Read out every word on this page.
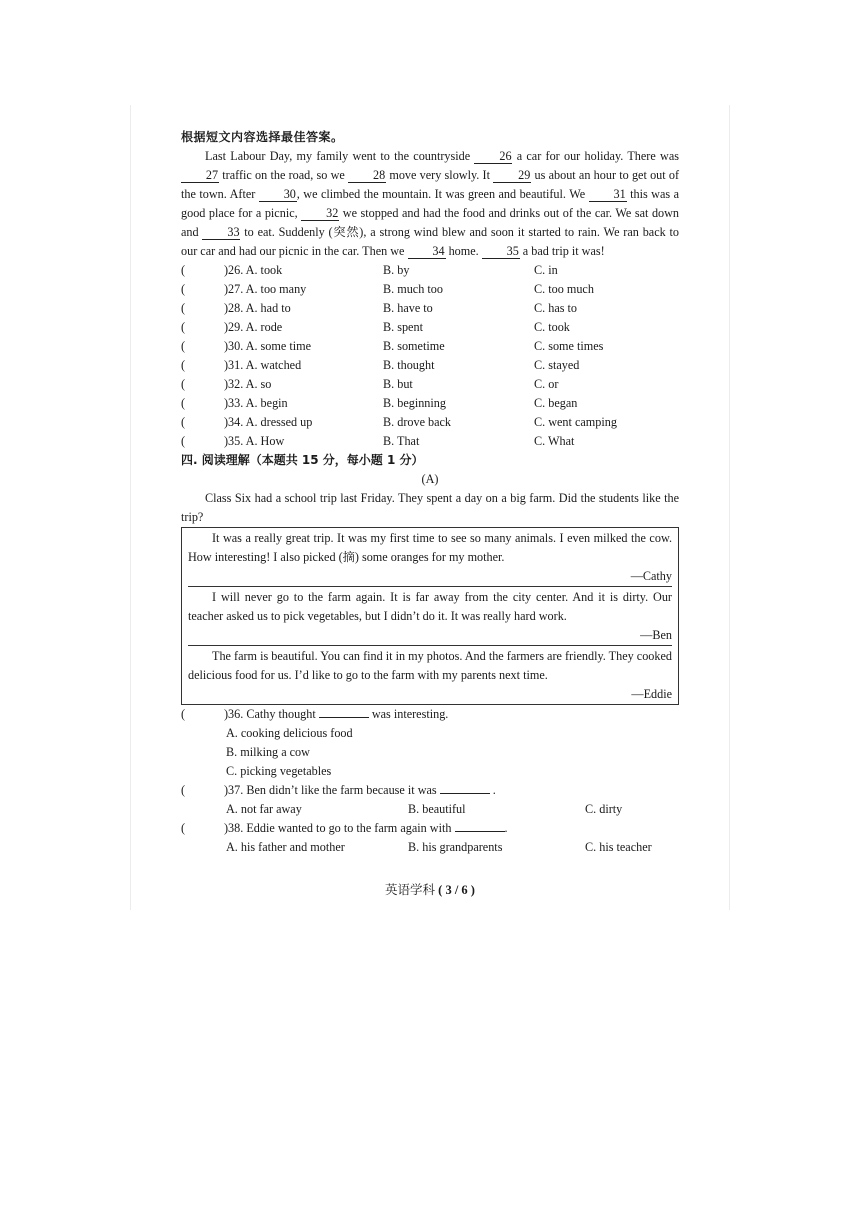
根据短文内容选择最佳答案。

Last Labour Day, my family went to the countryside 26 a car for our holiday. There was 27 traffic on the road, so we 28 move very slowly. It 29 us about an hour to get out of the town. After 30, we climbed the mountain. It was green and beautiful. We 31 this was a good place for a picnic, 32 we stopped and had the food and drinks out of the car. We sat down and 33 to eat. Suddenly (突然), a strong wind blew and soon it started to rain. We ran back to our car and had our picnic in the car. Then we 34 home. 35 a bad trip it was!

(	)26. A. took	B. by	C. in
(	)27. A. too many	B. much too	C. too much
(	)28. A. had to	B. have to	C. has to
(	)29. A. rode	B. spent	C. took
(	)30. A. some time	B. sometime	C. some times
(	)31. A. watched	B. thought	C. stayed
(	)32. A. so	B. but	C. or
(	)33. A. begin	B. beginning	C. began
(	)34. A. dressed up	B. drove back	C. went camping
(	)35. A. How	B. That	C. What
四. 阅读理解（本题共 15 分，每小题 1 分）
(A)

Class Six had a school trip last Friday. They spent a day on a big farm. Did the students like the trip?

It was a really great trip. It was my first time to see so many animals. I even milked the cow. How interesting! I also picked (摘) some oranges for my mother.

—Cathy

I will never go to the farm again. It is far away from the city center. And it is dirty. Our teacher asked us to pick vegetables, but I didn’t do it. It was really hard work.

—Ben

The farm is beautiful. You can find it in my photos. And the farmers are friendly. They cooked delicious food for us. I’d like to go to the farm with my parents next time.

—Eddie
(	)36. Cathy thought	was interesting.
A. cooking delicious food
B. milking a cow
C. picking vegetables
(	)37. Ben didn’t like the farm because it was	.
A. not far away	B. beautiful	C. dirty
(	)38. Eddie wanted to go to the farm again with	.
A. his father and mother	B. his grandparents	C. his teacher
英语学科 ( 3 / 6 )
